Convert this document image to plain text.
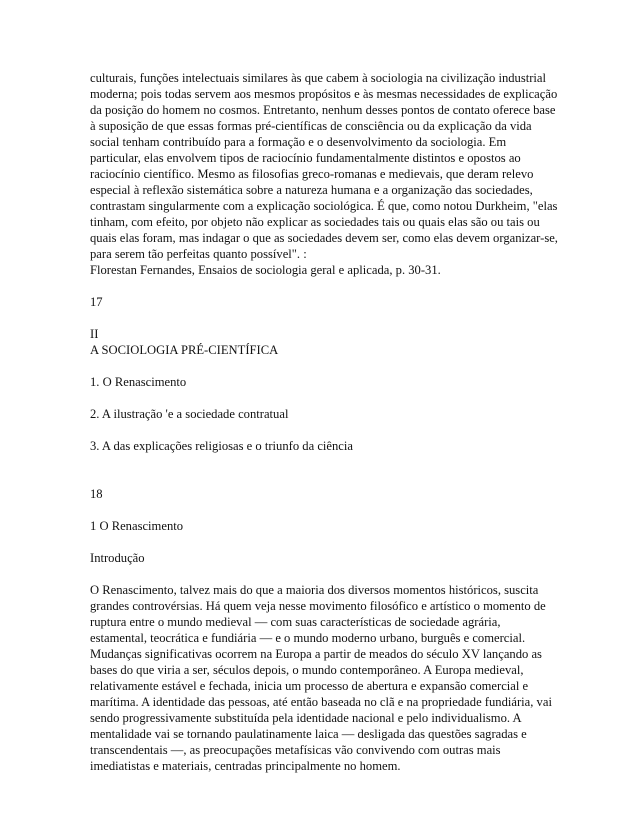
culturais, funções intelectuais similares às que cabem à sociologia na civilização industrial moderna; pois todas servem aos mesmos propósitos e às mesmas necessidades de explicação da posição do homem no cosmos. Entretanto, nenhum desses pontos de contato oferece base à suposição de que essas formas pré-científicas de consciência ou da explicação da vida social tenham contribuído para a formação e o desenvolvimento da sociologia. Em particular, elas envolvem tipos de raciocínio fundamentalmente distintos e opostos ao raciocínio científico. Mesmo as filosofias greco-romanas e medievais, que deram relevo especial à reflexão sistemática sobre a natureza humana e a organização das sociedades, contrastam singularmente com a explicação sociológica. É que, como notou Durkheim, "elas tinham, com efeito, por objeto não explicar as sociedades tais ou quais elas são ou tais ou quais elas foram, mas indagar o que as sociedades devem ser, como elas devem organizar-se, para serem tão perfeitas quanto possível". :

Florestan Fernandes, Ensaios de sociologia geral e aplicada, p. 30-31.
17
II
A SOCIOLOGIA PRÉ-CIENTÍFICA
1. O Renascimento
2. A ilustração 'e a sociedade contratual
3. A das explicações religiosas e o triunfo da ciência
18
1 O Renascimento
Introdução

O Renascimento, talvez mais do que a maioria dos diversos momentos históricos, suscita grandes controvérsias. Há quem veja nesse movimento filosófico e artístico o momento de ruptura entre o mundo medieval — com suas características de sociedade agrária, estamental, teocrática e fundiária — e o mundo moderno urbano, burguês e comercial. Mudanças significativas ocorrem na Europa a partir de meados do século XV lançando as bases do que viria a ser, séculos depois, o mundo contemporâneo. A Europa medieval, relativamente estável e fechada, inicia um processo de abertura e expansão comercial e marítima. A identidade das pessoas, até então baseada no clã e na propriedade fundiária, vai sendo progressivamente substituída pela identidade nacional e pelo individualismo. A mentalidade vai se tornando paulatinamente laica — desligada das questões sagradas e transcendentais —, as preocupações metafísicas vão convivendo com outras mais imediatistas e materiais, centradas principalmente no homem.
